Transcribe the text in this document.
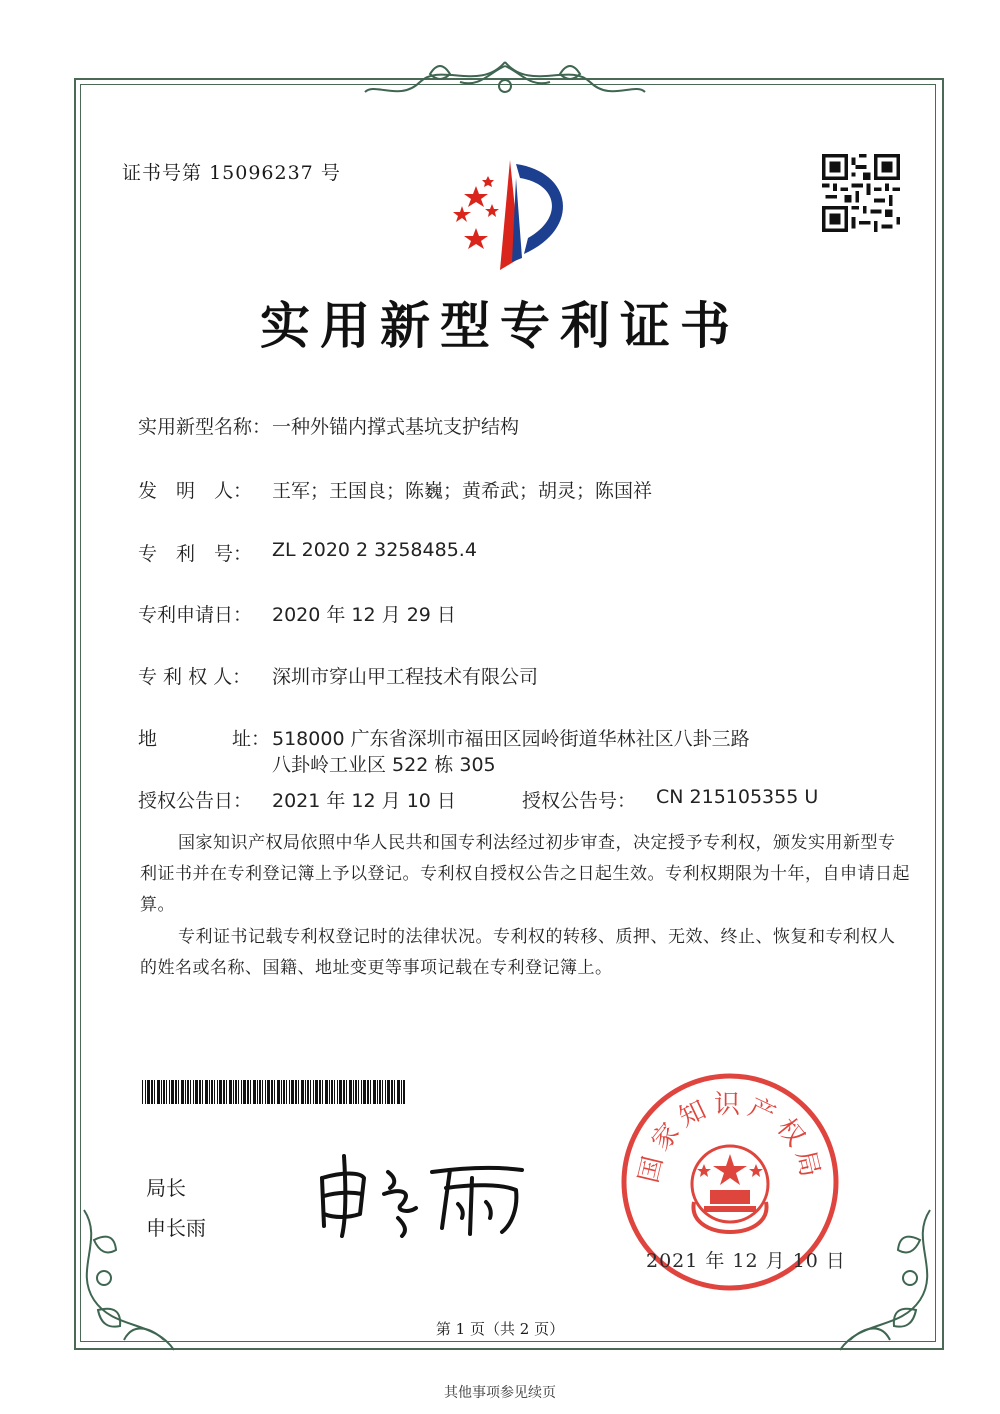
证书号第 15096237 号
实用新型专利证书
实用新型名称： 一种外锚内撑式基坑支护结构
发　明　人： 王军；王国良；陈巍；黄希武；胡灵；陈国祥
专　利　号： ZL 2020 2 3258485.4
专利申请日： 2020 年 12 月 29 日
专 利 权 人： 深圳市穿山甲工程技术有限公司
地	址： 518000 广东省深圳市福田区园岭街道华林社区八卦三路
八卦岭工业区 522 栋 305
授权公告日： 2021 年 12 月 10 日	授权公告号： CN 215105355 U
国家知识产权局依照中华人民共和国专利法经过初步审查，决定授予专利权，颁发实用新型专利证书并在专利登记簿上予以登记。专利权自授权公告之日起生效。专利权期限为十年，自申请日起算。
专利证书记载专利权登记时的法律状况。专利权的转移、质押、无效、终止、恢复和专利权人的姓名或名称、国籍、地址变更等事项记载在专利登记簿上。
局长
申长雨
国家知识产权局
2021 年 12 月 10 日
第 1 页（共 2 页）
其他事项参见续页
